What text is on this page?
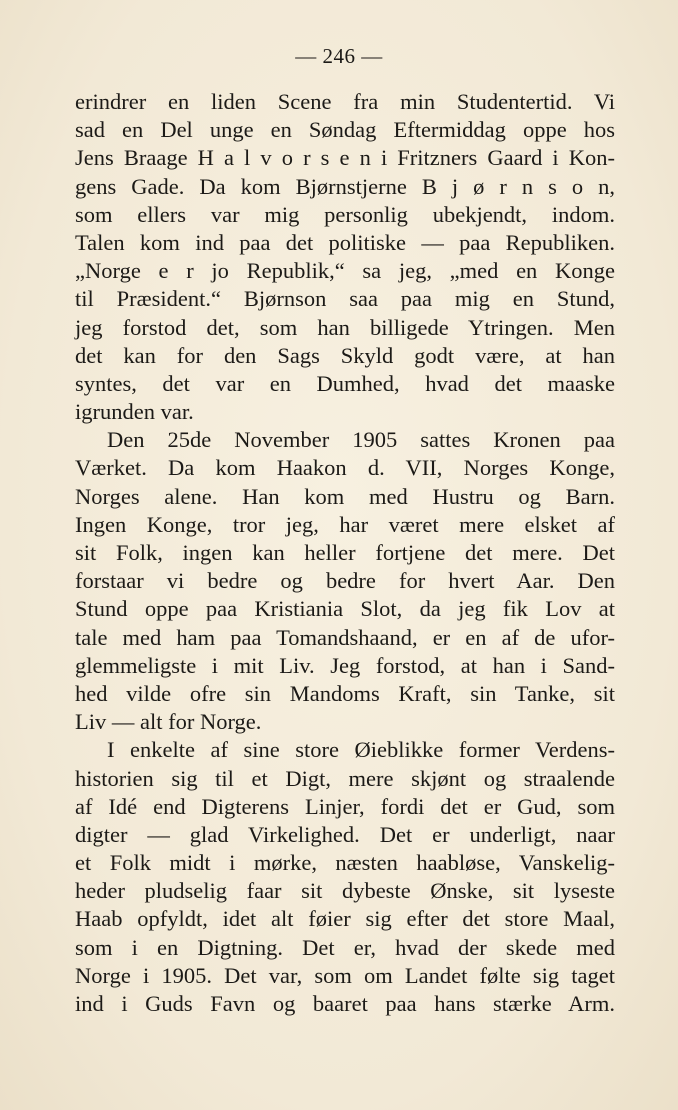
— 246 —
erindrer en liden Scene fra min Studentertid. Vi
sad en Del unge en Søndag Eftermiddag oppe hos
Jens Braage H a l v o r s e n i Fritzners Gaard i Kon-
gens Gade. Da kom Bjørnstjerne B j ø r n s o n,
som ellers var mig personlig ubekjendt, indom.
Talen kom ind paa det politiske — paa Republiken.
„Norge e r jo Republik,“ sa jeg, „med en Konge
til Præsident.“ Bjørnson saa paa mig en Stund,
jeg forstod det, som han billigede Ytringen. Men
det kan for den Sags Skyld godt være, at han
syntes, det var en Dumhed, hvad det maaske
igrunden var.
Den 25de November 1905 sattes Kronen paa
Værket. Da kom Haakon d. VII, Norges Konge,
Norges alene. Han kom med Hustru og Barn.
Ingen Konge, tror jeg, har været mere elsket af
sit Folk, ingen kan heller fortjene det mere. Det
forstaar vi bedre og bedre for hvert Aar. Den
Stund oppe paa Kristiania Slot, da jeg fik Lov at
tale med ham paa Tomandshaand, er en af de ufor-
glemmeligste i mit Liv. Jeg forstod, at han i Sand-
hed vilde ofre sin Mandoms Kraft, sin Tanke, sit
Liv — alt for Norge.
I enkelte af sine store Øieblikke former Verdens-
historien sig til et Digt, mere skjønt og straalende
af Idé end Digterens Linjer, fordi det er Gud, som
digter — glad Virkelighed. Det er underligt, naar
et Folk midt i mørke, næsten haabløse, Vanskelig-
heder pludselig faar sit dybeste Ønske, sit lyseste
Haab opfyldt, idet alt føier sig efter det store Maal,
som i en Digtning. Det er, hvad der skede med
Norge i 1905. Det var, som om Landet følte sig taget
ind i Guds Favn og baaret paa hans stærke Arm.
